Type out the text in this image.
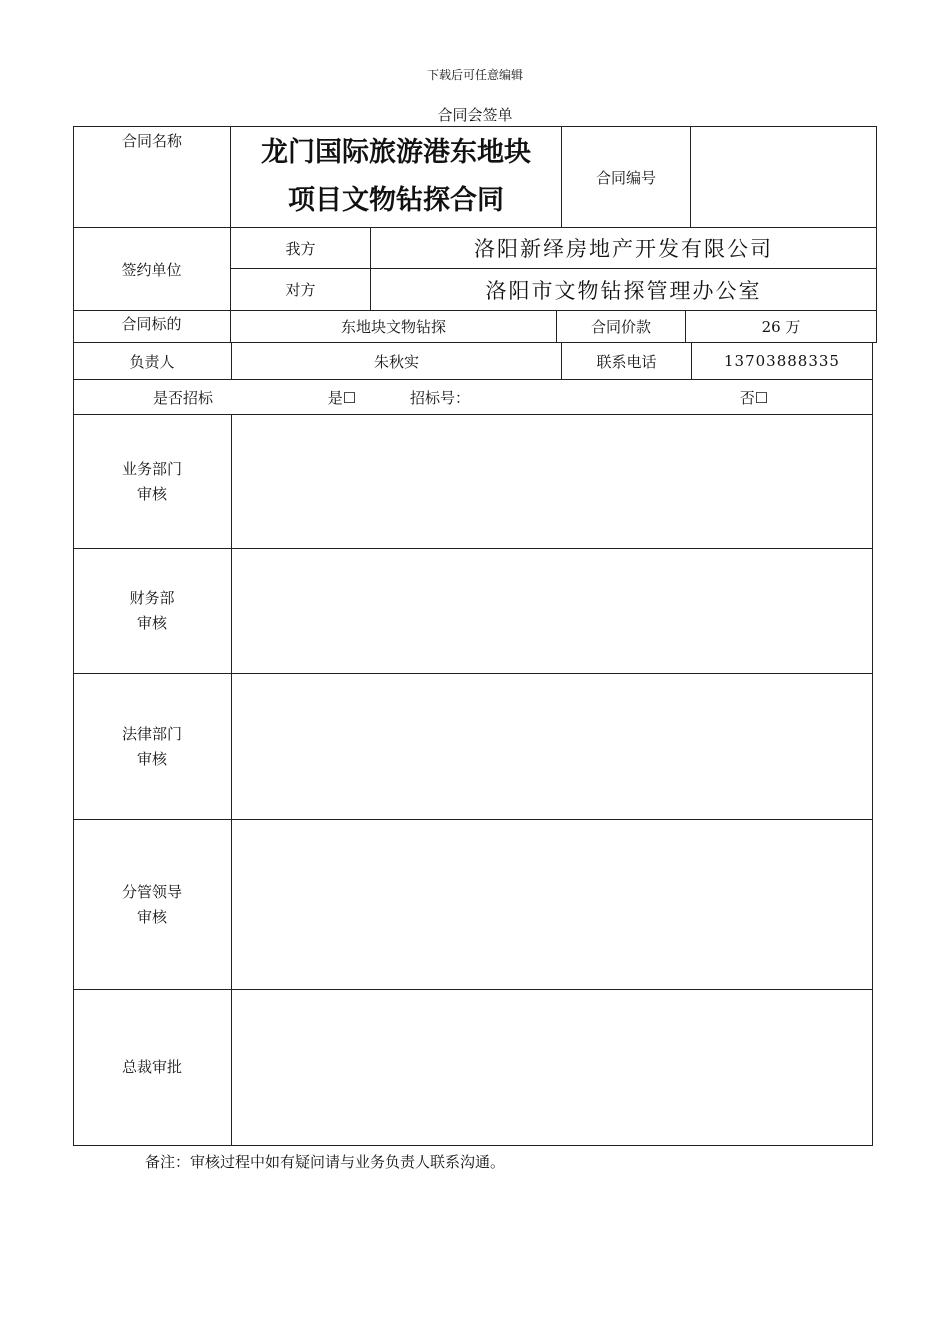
下载后可任意编辑
合同会签单
合同名称	龙门国际旅游港东地块
项目文物钻探合同
合同编号
签约单位
我方	洛阳新绎房地产开发有限公司
对方	洛阳市文物钻探管理办公室
合同标的	东地块文物钻探	合同价款	26 万
负责人	朱秋实	联系电话	13703888335
是否招标	是☐	招标号：	否☐
业务部门
审核
财务部
审核
法律部门
审核
分管领导
审核
总裁审批
备注：审核过程中如有疑问请与业务负责人联系沟通。
